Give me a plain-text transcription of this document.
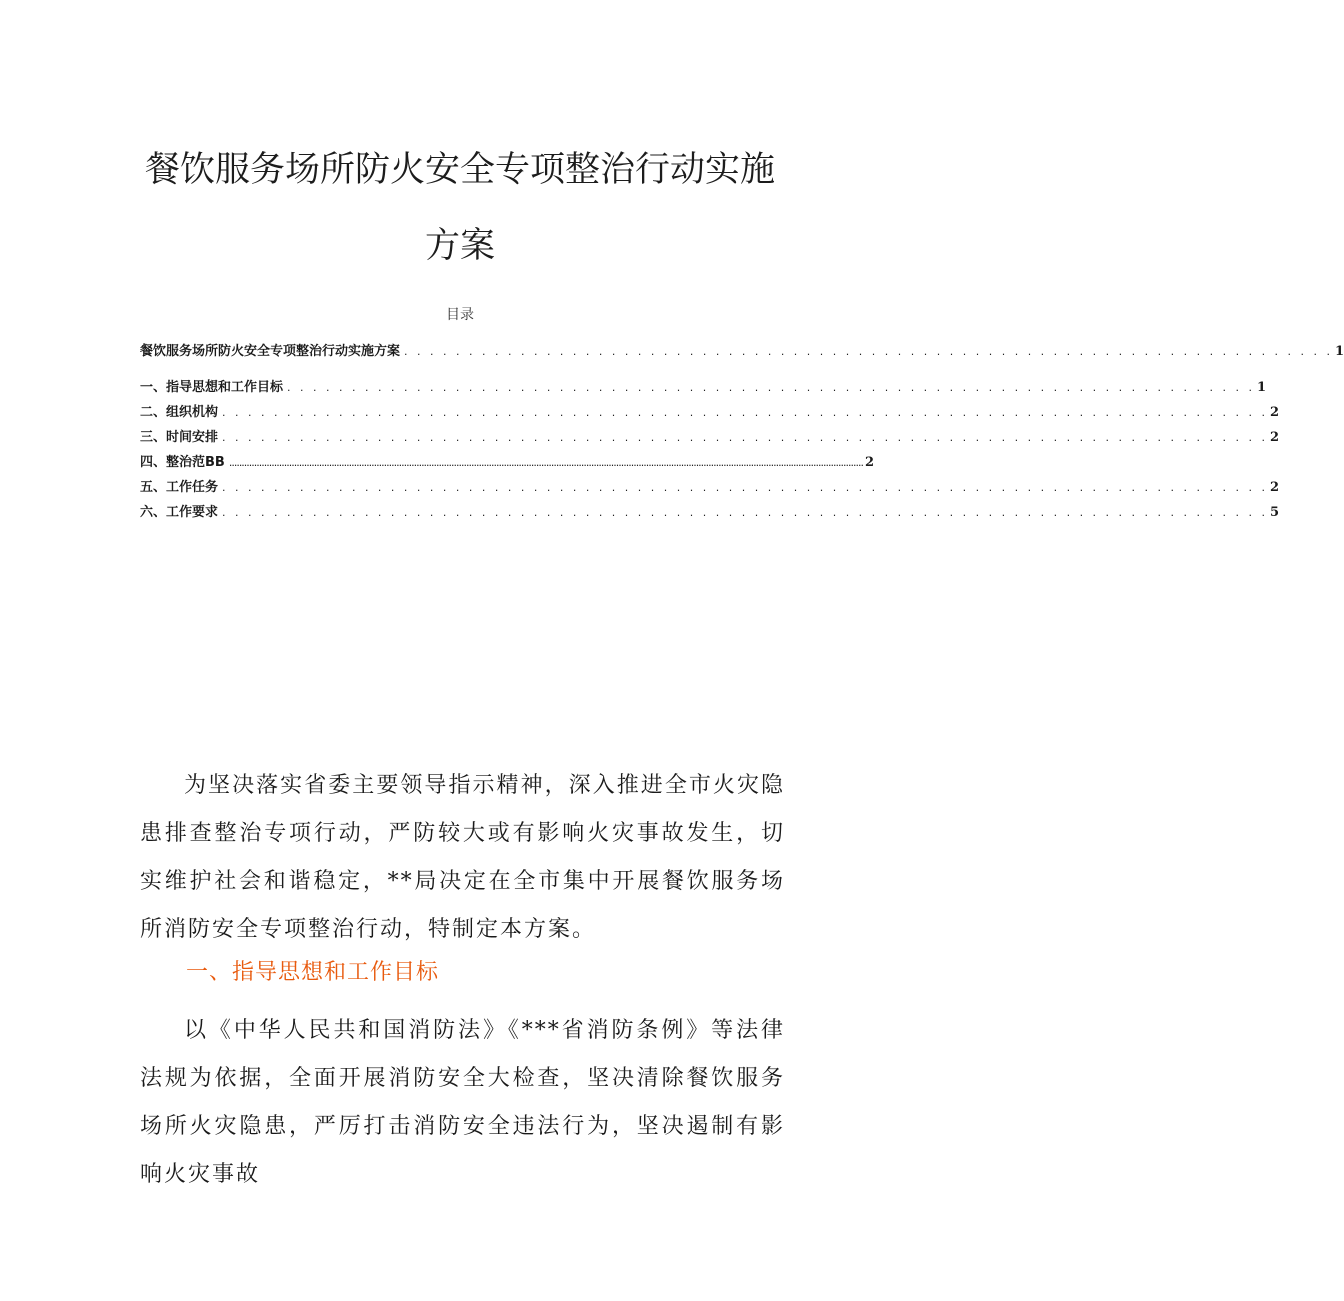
餐饮服务场所防火安全专项整治行动实施
方案
目录
餐饮服务场所防火安全专项整治行动实施方案 . . . . . . . . . . . . . . . . . . . . . . . . . . . . . . . . . . . . . . . . . . . . . . . . . . . . . . . . . . . . . . . . . . . . . . . . 1
一、指导思想和工作目标 . . . . . . . . . . . . . . . . . . . . . . . . . . . . . . . . . . . . . . . . . . . . . . . . . . . . . . . . . . . . . . . . . . . . . . . . . . . 1
二、组织机构 . . . . . . . . . . . . . . . . . . . . . . . . . . . . . . . . . . . . . . . . . . . . . . . . . . . . . . . . . . . . . . . . . . . . . . . . . . . . . . . . . 2
三、时间安排 . . . . . . . . . . . . . . . . . . . . . . . . . . . . . . . . . . . . . . . . . . . . . . . . . . . . . . . . . . . . . . . . . . . . . . . . . . . . . . . . . 2
四、整治范BB .............................................................................................................................................................................................................................................................. 2
五、工作任务 . . . . . . . . . . . . . . . . . . . . . . . . . . . . . . . . . . . . . . . . . . . . . . . . . . . . . . . . . . . . . . . . . . . . . . . . . . . . . . . . . 2
六、工作要求 . . . . . . . . . . . . . . . . . . . . . . . . . . . . . . . . . . . . . . . . . . . . . . . . . . . . . . . . . . . . . . . . . . . . . . . . . . . . . . . . . 5

为坚决落实省委主要领导指示精神，深入推进全市火灾隐患排查整治专项行动，严防较大或有影响火灾事故发生，切实维护社会和谐稳定，**局决定在全市集中开展餐饮服务场所消防安全专项整治行动，特制定本方案。

一、指导思想和工作目标

以《中华人民共和国消防法》《***省消防条例》等法律法规为依据，全面开展消防安全大检查，坚决清除餐饮服务场所火灾隐患，严厉打击消防安全违法行为，坚决遏制有影响火灾事故
